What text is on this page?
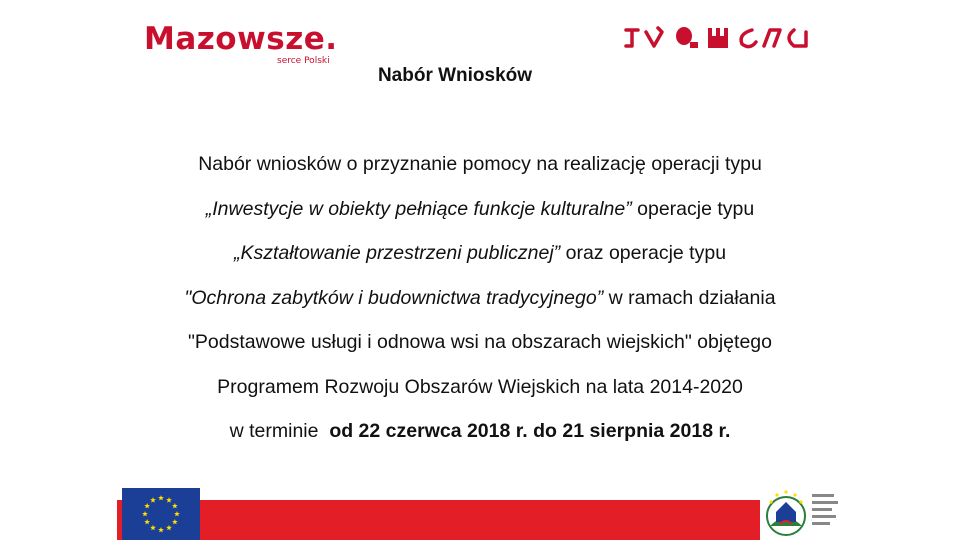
Mazowsze.
serce Polski
Nabór Wniosków
Nabór wniosków o przyznanie pomocy na realizację operacji typu
„Inwestycje w obiekty pełniące funkcje kulturalne” operacje typu
„Kształtowanie przestrzeni publicznej” oraz operacje typu
"Ochrona zabytków i budownictwa tradycyjnego” w ramach działania
"Podstawowe usługi i odnowa wsi na obszarach wiejskich" objętego
Programem Rozwoju Obszarów Wiejskich na lata 2014-2020
w terminie  od 22 czerwca 2018 r. do 21 sierpnia 2018 r.
